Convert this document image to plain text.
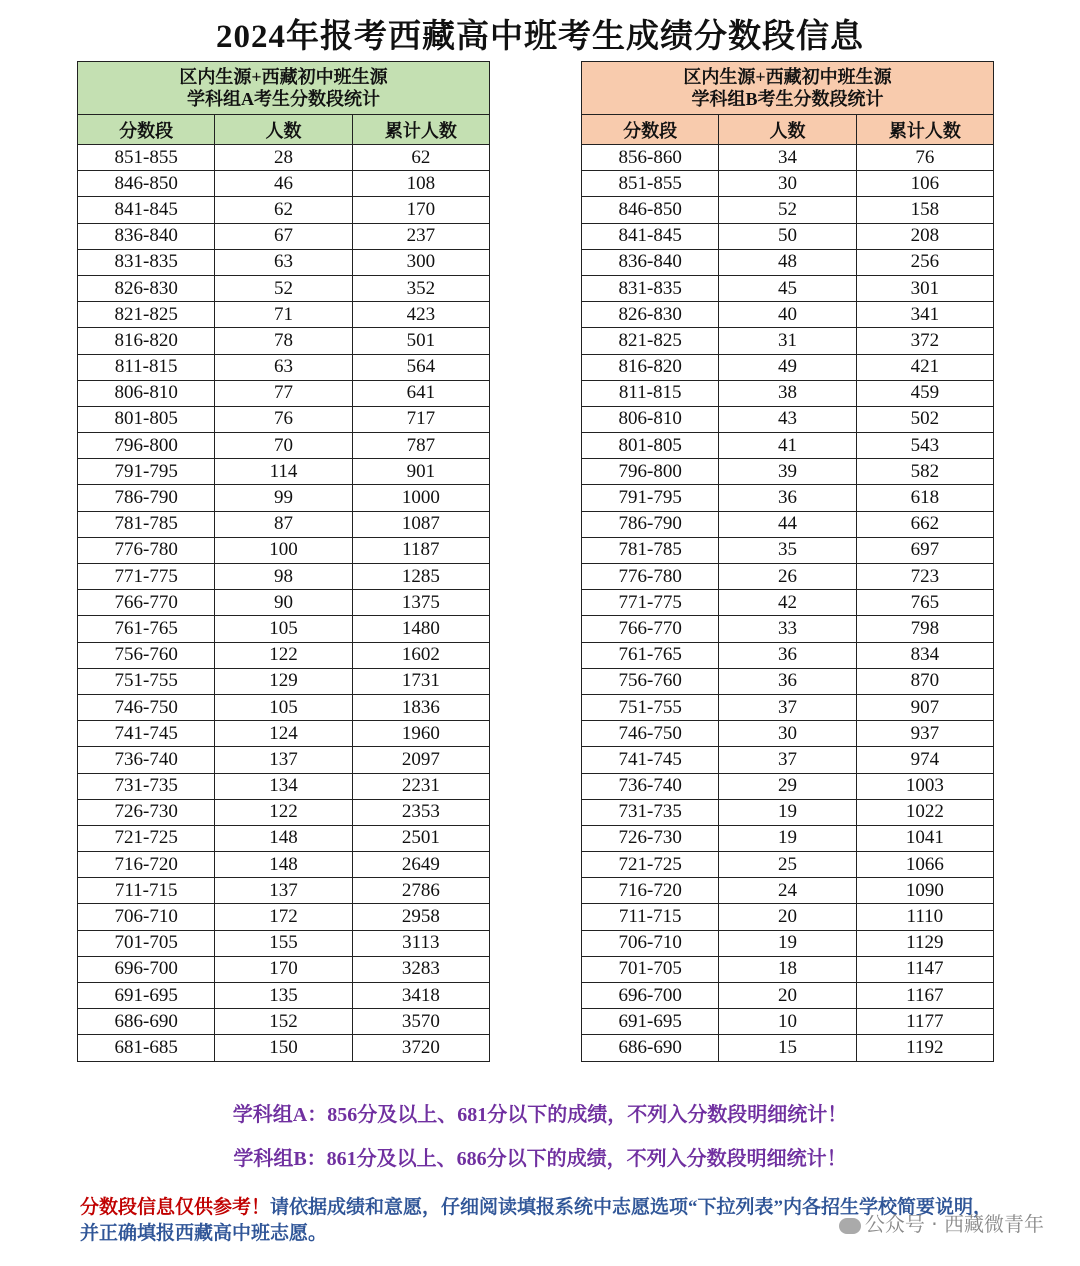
2024年报考西藏高中班考生成绩分数段信息
区内生源+西藏初中班生源
学科组A考生分数段统计		

分数段	人数	累计人数
851-855	28	62
846-850	46	108
841-845	62	170
836-840	67	237
831-835	63	300
826-830	52	352
821-825	71	423
816-820	78	501
811-815	63	564
806-810	77	641
801-805	76	717
796-800	70	787
791-795	114	901
786-790	99	1000
781-785	87	1087
776-780	100	1187
771-775	98	1285
766-770	90	1375
761-765	105	1480
756-760	122	1602
751-755	129	1731
746-750	105	1836
741-745	124	1960
736-740	137	2097
731-735	134	2231
726-730	122	2353
721-725	148	2501
716-720	148	2649
711-715	137	2786
706-710	172	2958
701-705	155	3113
696-700	170	3283
691-695	135	3418
686-690	152	3570
681-685	150	3720
区内生源+西藏初中班生源
学科组B考生分数段统计		

分数段	人数	累计人数
856-860	34	76
851-855	30	106
846-850	52	158
841-845	50	208
836-840	48	256
831-835	45	301
826-830	40	341
821-825	31	372
816-820	49	421
811-815	38	459
806-810	43	502
801-805	41	543
796-800	39	582
791-795	36	618
786-790	44	662
781-785	35	697
776-780	26	723
771-775	42	765
766-770	33	798
761-765	36	834
756-760	36	870
751-755	37	907
746-750	30	937
741-745	37	974
736-740	29	1003
731-735	19	1022
726-730	19	1041
721-725	25	1066
716-720	24	1090
711-715	20	1110
706-710	19	1129
701-705	18	1147
696-700	20	1167
691-695	10	1177
686-690	15	1192
学科组A：856分及以上、681分以下的成绩，不列入分数段明细统计！
学科组B：861分及以上、686分以下的成绩，不列入分数段明细统计！
分数段信息仅供参考！请依据成绩和意愿，仔细阅读填报系统中志愿选项“下拉列表”内各招生学校简要说明，并正确填报西藏高中班志愿。	公众号 · 西藏微青年
